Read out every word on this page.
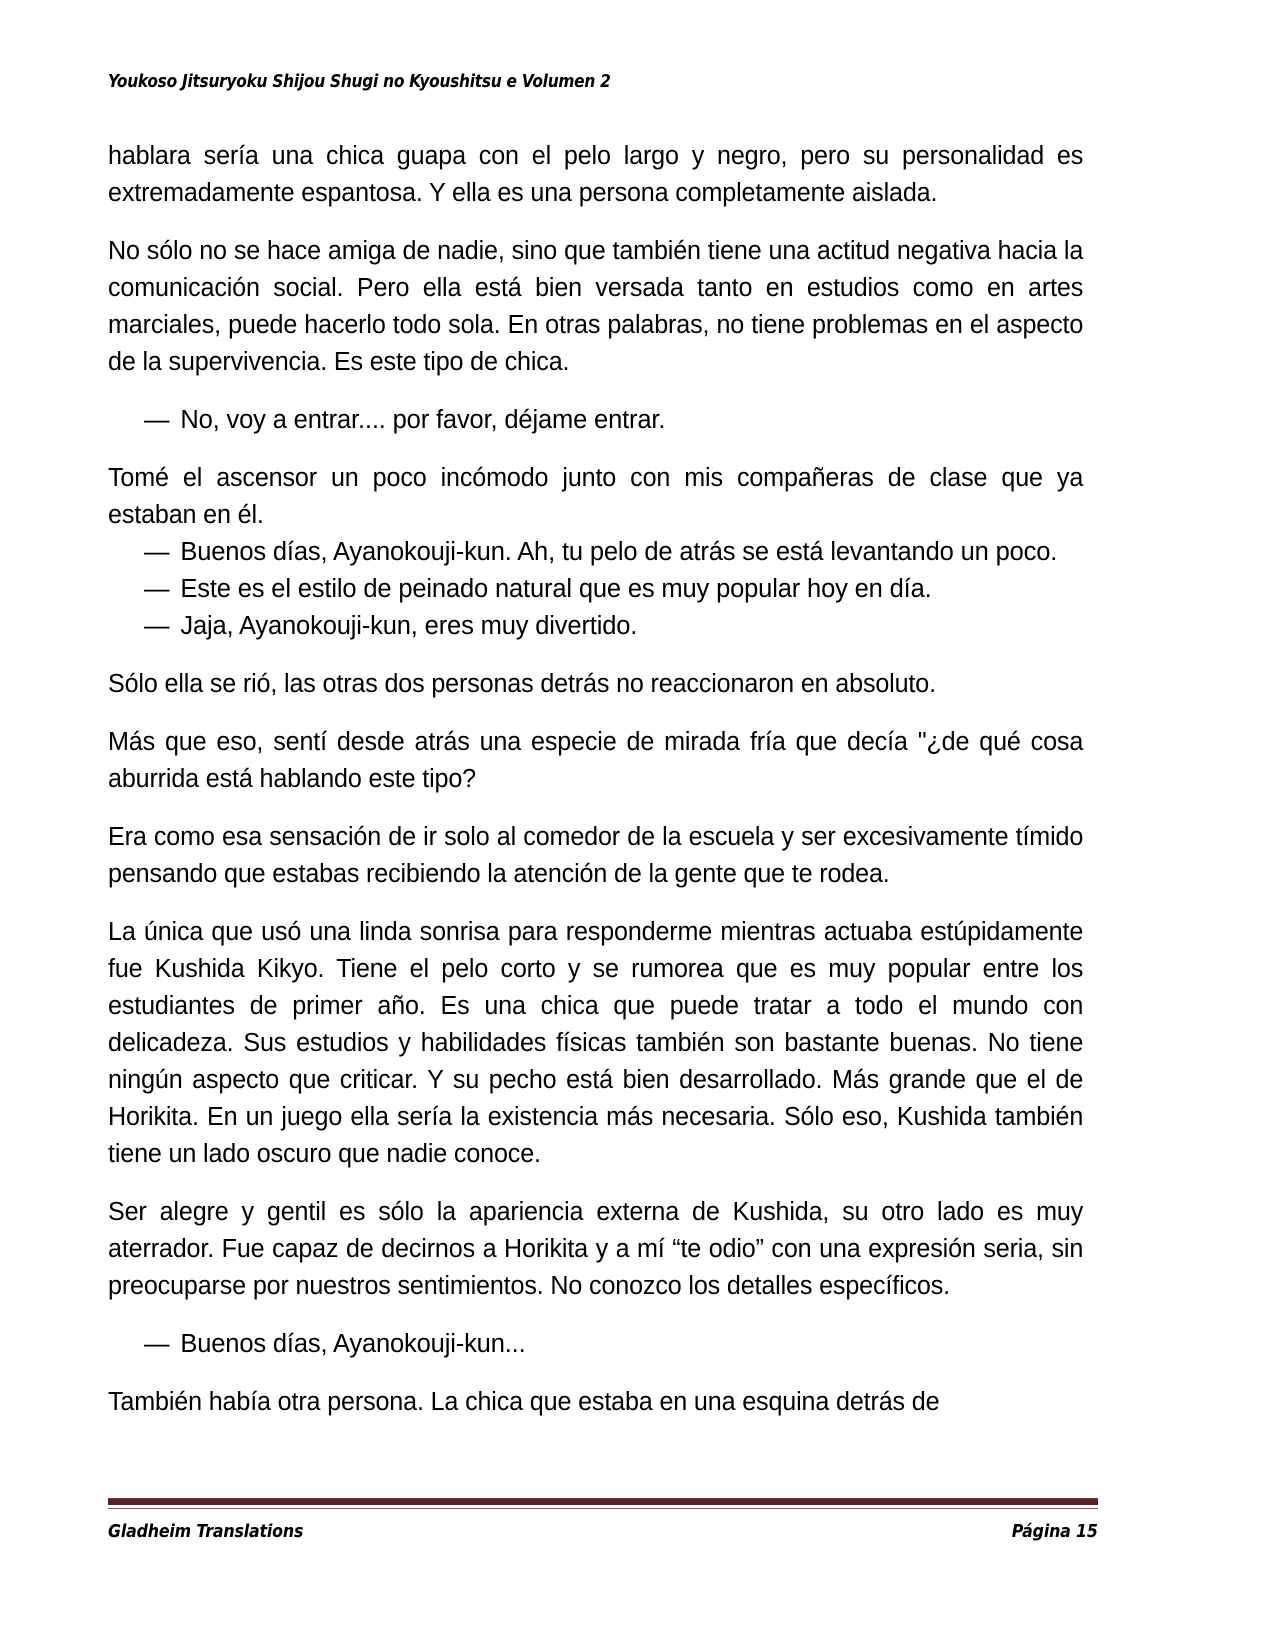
Youkoso Jitsuryoku Shijou Shugi no Kyoushitsu e Volumen 2

hablara sería una chica guapa con el pelo largo y negro, pero su personalidad es extremadamente espantosa. Y ella es una persona completamente aislada.

No sólo no se hace amiga de nadie, sino que también tiene una actitud negativa hacia la comunicación social. Pero ella está bien versada tanto en estudios como en artes marciales, puede hacerlo todo sola. En otras palabras, no tiene problemas en el aspecto de la supervivencia. Es este tipo de chica.

— No, voy a entrar.... por favor, déjame entrar.

Tomé el ascensor un poco incómodo junto con mis compañeras de clase que ya estaban en él.

— Buenos días, Ayanokouji-kun. Ah, tu pelo de atrás se está levantando un poco.

— Este es el estilo de peinado natural que es muy popular hoy en día.

— Jaja, Ayanokouji-kun, eres muy divertido.

Sólo ella se rió, las otras dos personas detrás no reaccionaron en absoluto.

Más que eso, sentí desde atrás una especie de mirada fría que decía "¿de qué cosa aburrida está hablando este tipo?

Era como esa sensación de ir solo al comedor de la escuela y ser excesivamente tímido pensando que estabas recibiendo la atención de la gente que te rodea.

La única que usó una linda sonrisa para responderme mientras actuaba estúpidamente fue Kushida Kikyo. Tiene el pelo corto y se rumorea que es muy popular entre los estudiantes de primer año. Es una chica que puede tratar a todo el mundo con delicadeza. Sus estudios y habilidades físicas también son bastante buenas. No tiene ningún aspecto que criticar. Y su pecho está bien desarrollado. Más grande que el de Horikita. En un juego ella sería la existencia más necesaria. Sólo eso, Kushida también tiene un lado oscuro que nadie conoce.

Ser alegre y gentil es sólo la apariencia externa de Kushida, su otro lado es muy aterrador. Fue capaz de decirnos a Horikita y a mí “te odio” con una expresión seria, sin preocuparse por nuestros sentimientos. No conozco los detalles específicos.

— Buenos días, Ayanokouji-kun...

También había otra persona. La chica que estaba en una esquina detrás de

Gladheim Translations	Página 15
